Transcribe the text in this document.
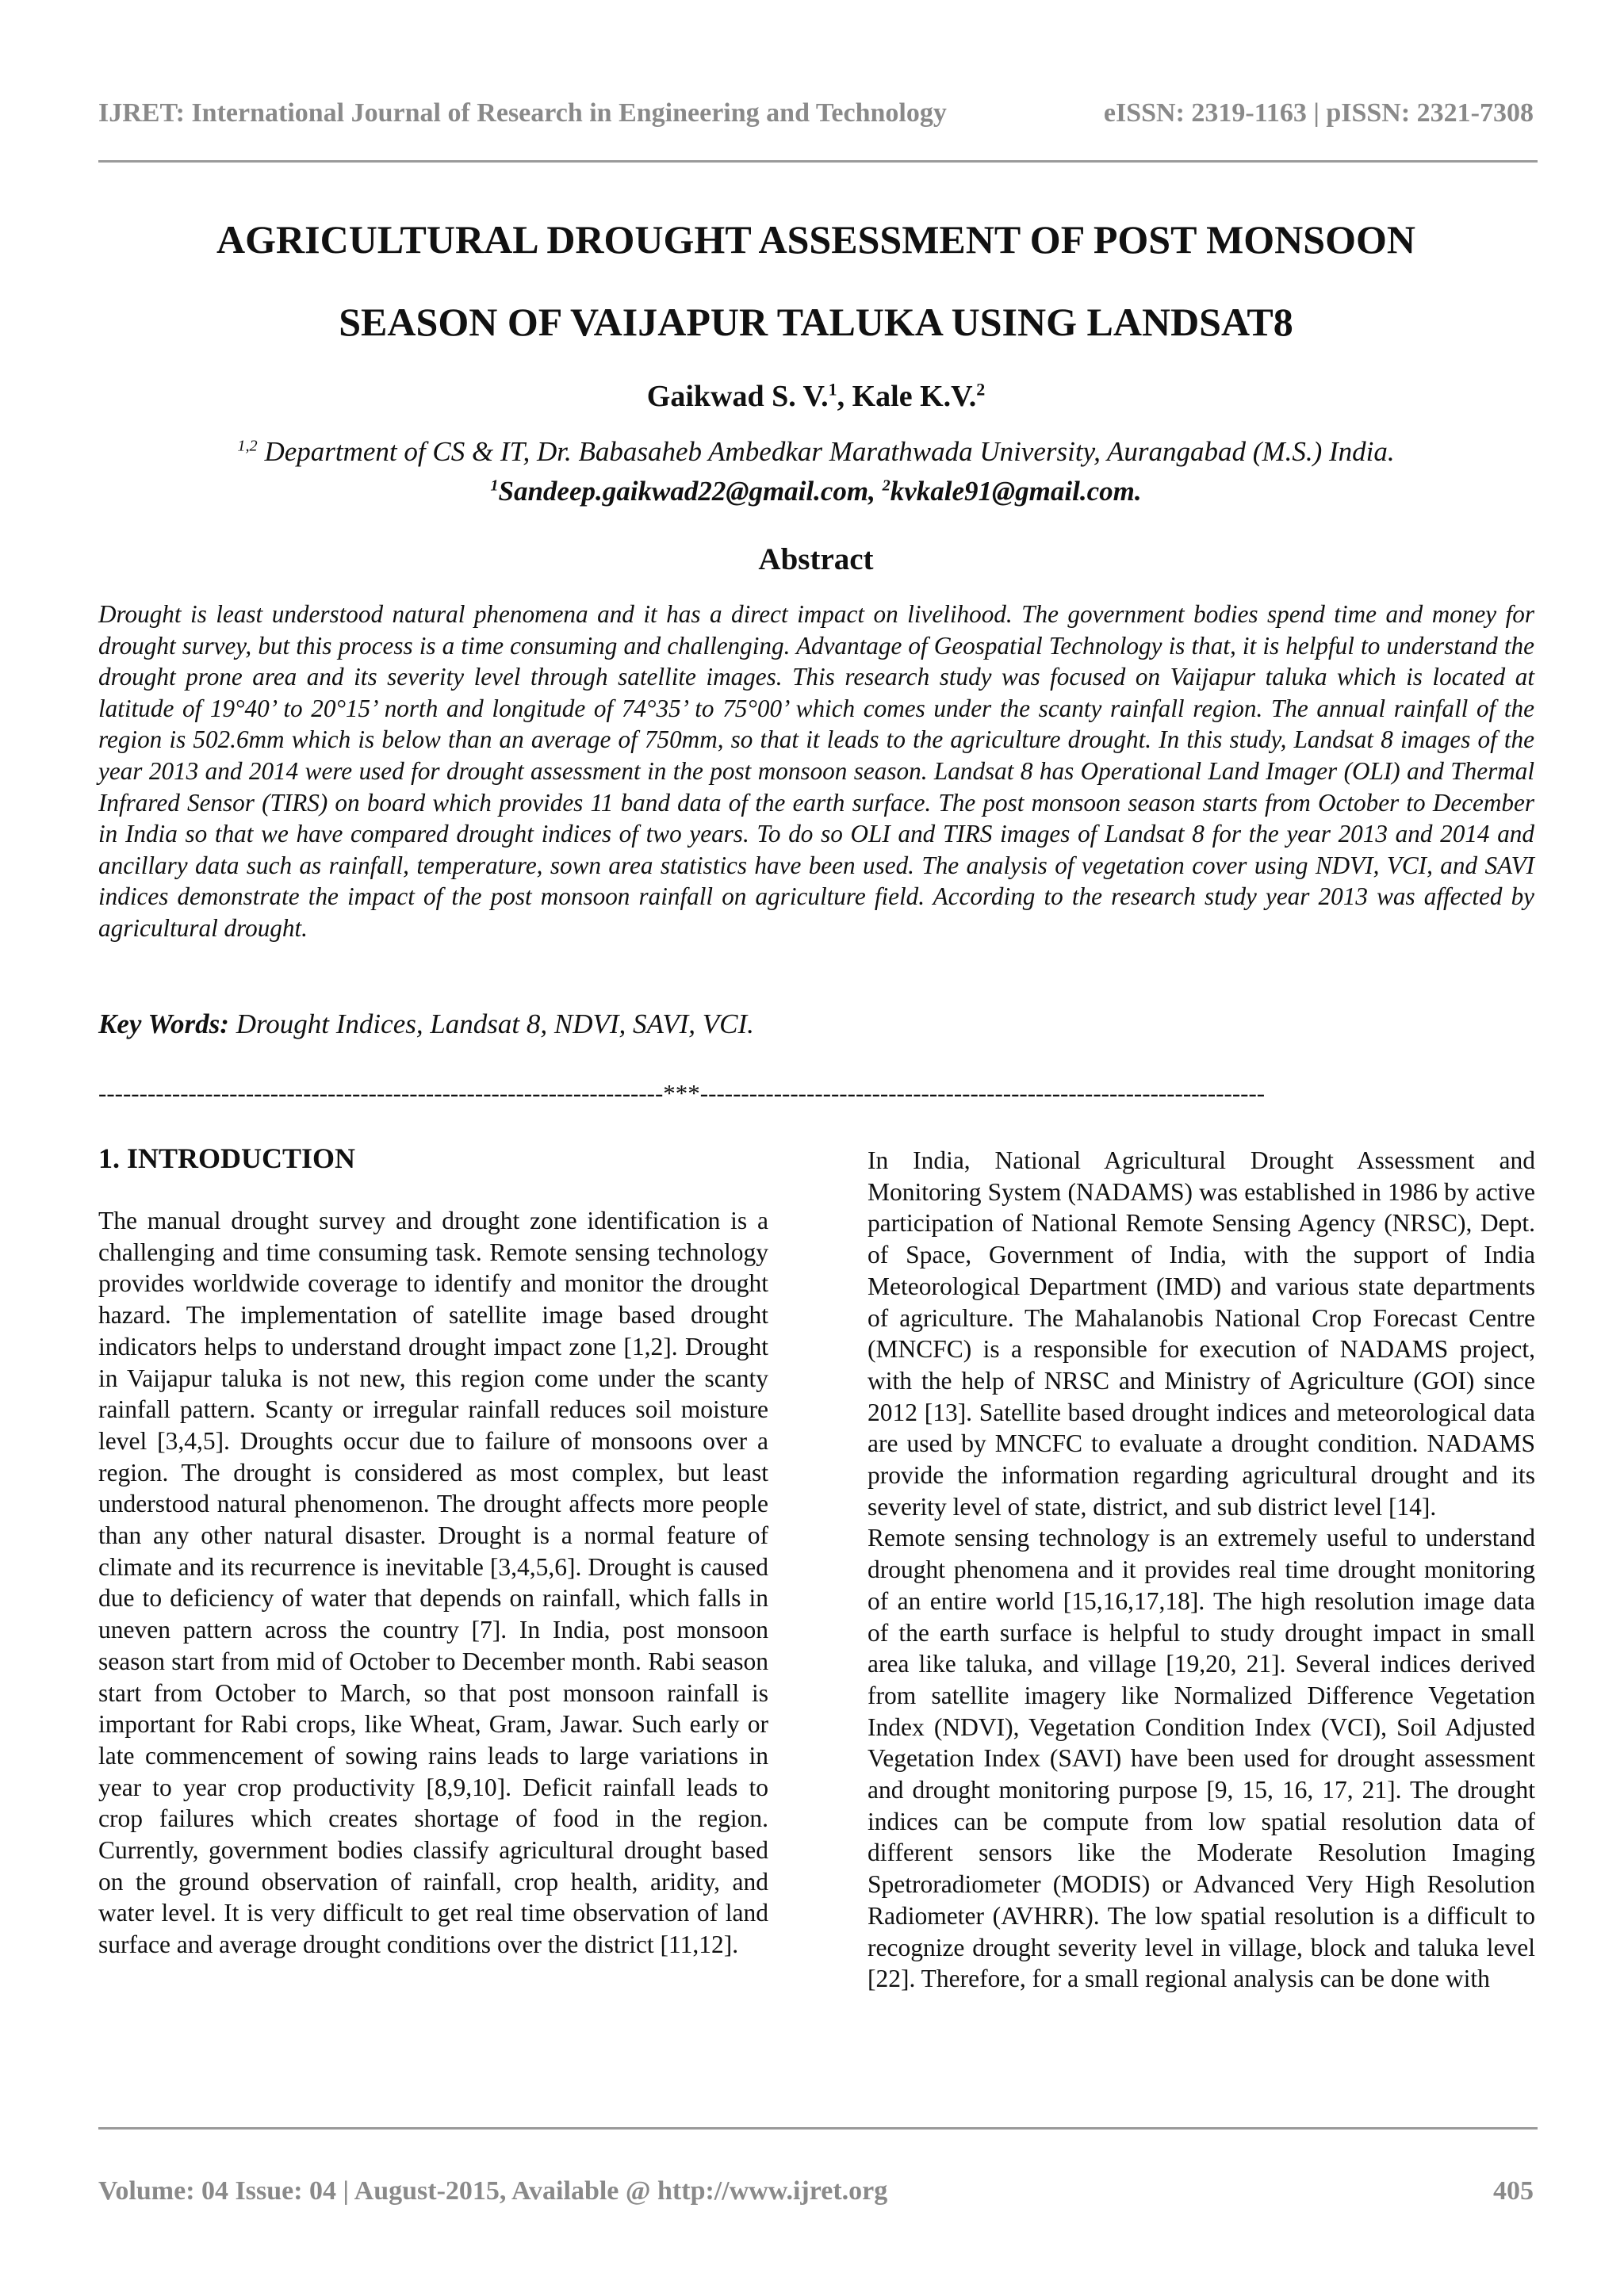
IJRET: International Journal of Research in Engineering and Technology	eISSN: 2319-1163 | pISSN: 2321-7308
AGRICULTURAL DROUGHT ASSESSMENT OF POST MONSOON
SEASON OF VAIJAPUR TALUKA USING LANDSAT8
Gaikwad S. V.$^1$, Kale K.V.$^2$
$^{1,2}$ Department of CS & IT, Dr. Babasaheb Ambedkar Marathwada University, Aurangabad (M.S.) India.
$^1$Sandeep.gaikwad22@gmail.com, $^2$kvkale91@gmail.com.
Abstract

Drought is least understood natural phenomena and it has a direct impact on livelihood. The government bodies spend time and money for drought survey, but this process is a time consuming and challenging. Advantage of Geospatial Technology is that, it is helpful to understand the drought prone area and its severity level through satellite images. This research study was focused on Vaijapur taluka which is located at latitude of 19°40’ to 20°15’ north and longitude of 74°35’ to 75°00’ which comes under the scanty rainfall region. The annual rainfall of the region is 502.6mm which is below than an average of 750mm, so that it leads to the agriculture drought. In this study, Landsat 8 images of the year 2013 and 2014 were used for drought assessment in the post monsoon season. Landsat 8 has Operational Land Imager (OLI) and Thermal Infrared Sensor (TIRS) on board which provides 11 band data of the earth surface. The post monsoon season starts from October to December in India so that we have compared drought indices of two years. To do so OLI and TIRS images of Landsat 8 for the year 2013 and 2014 and ancillary data such as rainfall, temperature, sown area statistics have been used. The analysis of vegetation cover using NDVI, VCI, and SAVI indices demonstrate the impact of the post monsoon rainfall on agriculture field. According to the research study year 2013 was affected by agricultural drought.

Key Words: Drought Indices, Landsat 8, NDVI, SAVI, VCI.
---------------------------------------------------------------------***---------------------------------------------------------------------
1. INTRODUCTION

The manual drought survey and drought zone identification is a challenging and time consuming task. Remote sensing technology provides worldwide coverage to identify and monitor the drought hazard. The implementation of satellite image based drought indicators helps to understand drought impact zone [1,2]. Drought in Vaijapur taluka is not new, this region come under the scanty rainfall pattern. Scanty or irregular rainfall reduces soil moisture level [3,4,5]. Droughts occur due to failure of monsoons over a region. The drought is considered as most complex, but least understood natural phenomenon. The drought affects more people than any other natural disaster. Drought is a normal feature of climate and its recurrence is inevitable [3,4,5,6]. Drought is caused due to deficiency of water that depends on rainfall, which falls in uneven pattern across the country [7]. In India, post monsoon season start from mid of October to December month. Rabi season start from October to March, so that post monsoon rainfall is important for Rabi crops, like Wheat, Gram, Jawar. Such early or late commencement of sowing rains leads to large variations in year to year crop productivity [8,9,10]. Deficit rainfall leads to crop failures which creates shortage of food in the region. Currently, government bodies classify agricultural drought based on the ground observation of rainfall, crop health, aridity, and water level. It is very difficult to get real time observation of land surface and average drought conditions over the district [11,12].

In India, National Agricultural Drought Assessment and Monitoring System (NADAMS) was established in 1986 by active participation of National Remote Sensing Agency (NRSC), Dept. of Space, Government of India, with the support of India Meteorological Department (IMD) and various state departments of agriculture. The Mahalanobis National Crop Forecast Centre (MNCFC) is a responsible for execution of NADAMS project, with the help of NRSC and Ministry of Agriculture (GOI) since 2012 [13]. Satellite based drought indices and meteorological data are used by MNCFC to evaluate a drought condition. NADAMS provide the information regarding agricultural drought and its severity level of state, district, and sub district level [14].

Remote sensing technology is an extremely useful to understand drought phenomena and it provides real time drought monitoring of an entire world [15,16,17,18]. The high resolution image data of the earth surface is helpful to study drought impact in small area like taluka, and village [19,20, 21]. Several indices derived from satellite imagery like Normalized Difference Vegetation Index (NDVI), Vegetation Condition Index (VCI), Soil Adjusted Vegetation Index (SAVI) have been used for drought assessment and drought monitoring purpose [9, 15, 16, 17, 21]. The drought indices can be compute from low spatial resolution data of different sensors like the Moderate Resolution Imaging Spetroradiometer (MODIS) or Advanced Very High Resolution Radiometer (AVHRR). The low spatial resolution is a difficult to recognize drought severity level in village, block and taluka level [22]. Therefore, for a small regional analysis can be done with

Volume: 04 Issue: 04 | August-2015, Available @ http://www.ijret.org	405
